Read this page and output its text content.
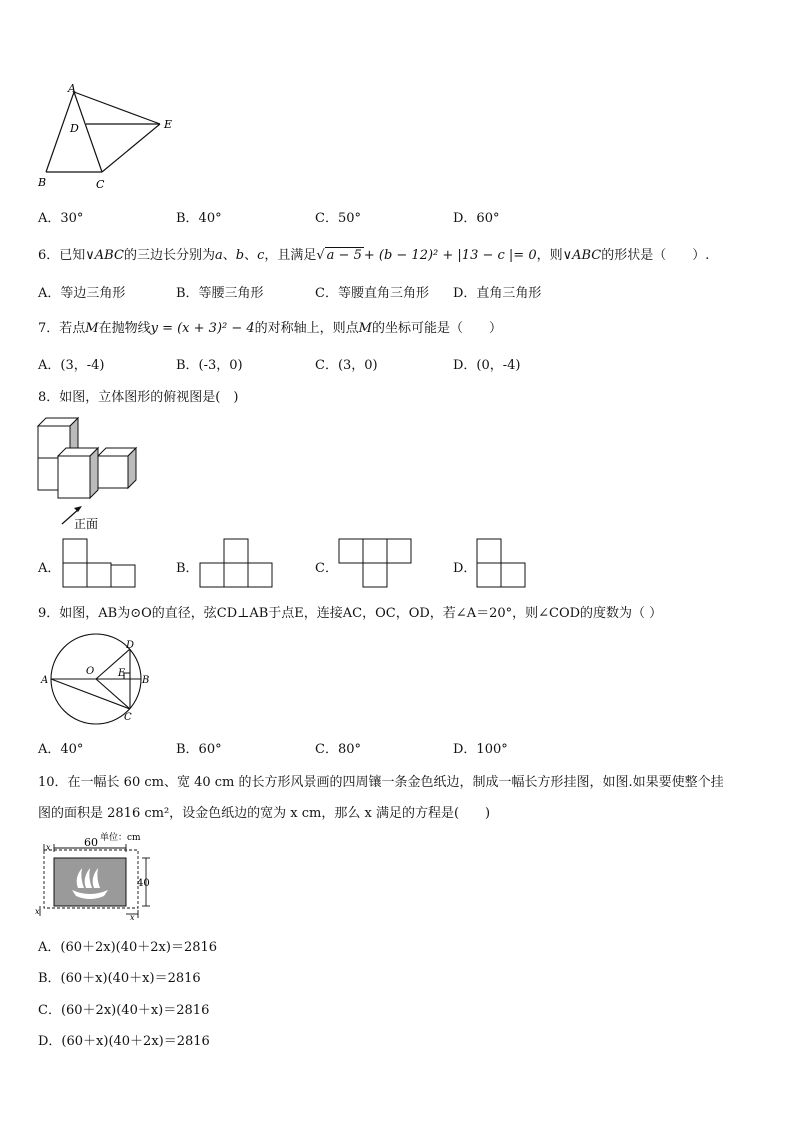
A
D	E
B	C
A．30°	B．40°	C．50°	D．60°
6．已知∨ABC的三边长分别为a、b、c，且满足√ a − 5 + (b − 12)² + |13 − c |= 0，则∨ABC的形状是（　　）.
A．等边三角形	B．等腰三角形	C．等腰直角三角形 D．直角三角形
7．若点M在抛物线y = (x + 3)² − 4的对称轴上，则点M的坐标可能是（　　）
A．(3，-4)	B．(-3，0)	C．(3，0)	D．(0，-4)
8．如图，立体图形的俯视图是(　)
正面
A．	B．	C．	D．
9．如图，AB为⊙O的直径，弦CD⊥AB于点E，连接AC，OC，OD，若∠A＝20°，则∠COD的度数为（ ）
A
O
D
E
B
C
A．40°	B．60°	C．80°	D．100°
10．在一幅长 60 cm、宽 40 cm 的长方形风景画的四周镶一条金色纸边，制成一幅长方形挂图，如图.如果要使整个挂
图的面积是 2816 cm²，设金色纸边的宽为 x cm，那么 x 满足的方程是(　　)
单位：cm
x	60
40
x
x
A．(60＋2x)(40＋2x)＝2816
B．(60＋x)(40＋x)＝2816
C．(60＋2x)(40＋x)＝2816
D．(60＋x)(40＋2x)＝2816
